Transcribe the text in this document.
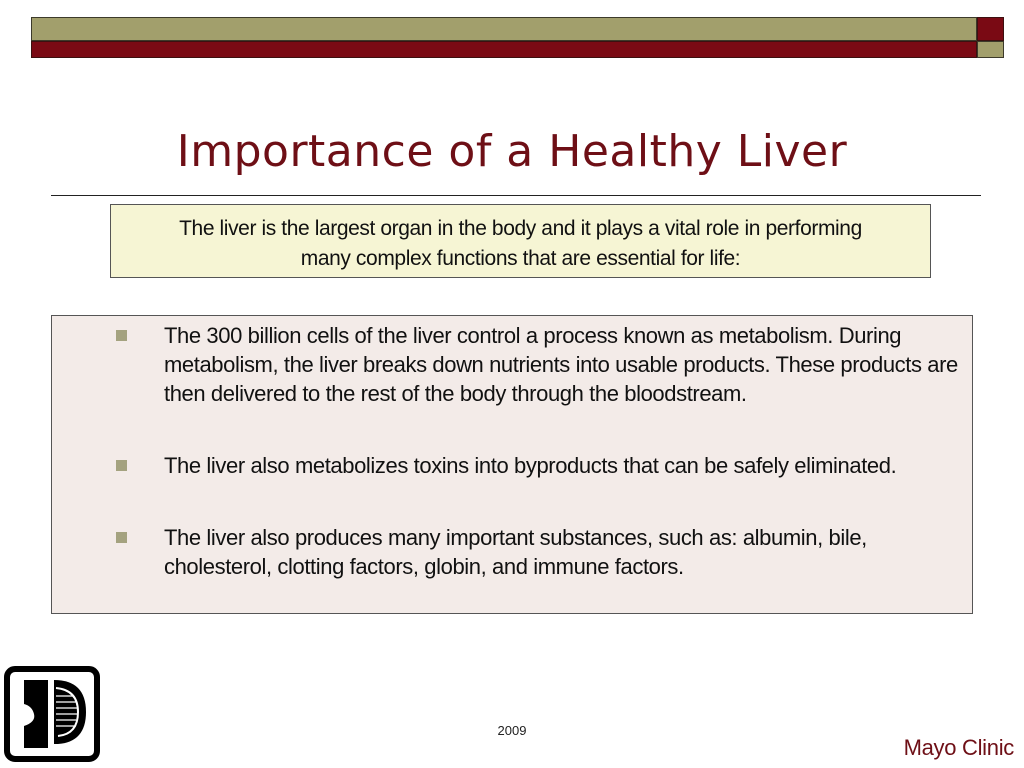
Importance of a Healthy Liver
The liver is the largest organ in the body and it plays a vital role in performing
many complex functions that are essential for life:
The 300 billion cells of the liver control a process known as metabolism. During metabolism, the liver breaks down nutrients into usable products. These products are then delivered to the rest of the body through the bloodstream.
The liver also metabolizes toxins into byproducts that can be safely eliminated.
The liver also produces many important substances, such as: albumin, bile, cholesterol, clotting factors, globin, and immune factors.
2009
Mayo Clinic
